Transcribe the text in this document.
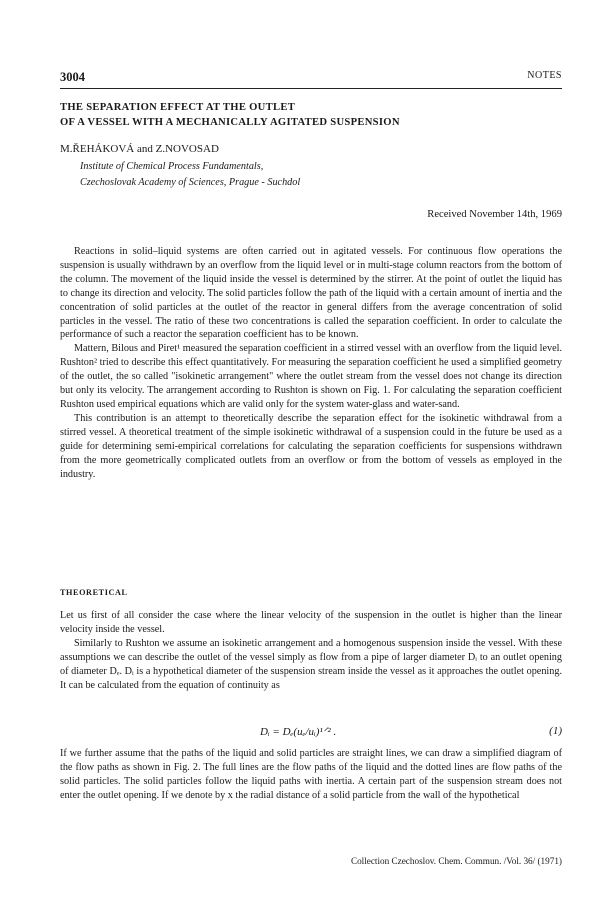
3004	NOTES
THE SEPARATION EFFECT AT THE OUTLET
OF A VESSEL WITH A MECHANICALLY AGITATED SUSPENSION
M.ŘEHÁKOVÁ and Z.NOVOSAD
Institute of Chemical Process Fundamentals,
Czechoslovak Academy of Sciences, Prague - Suchdol
Received November 14th, 1969

Reactions in solid–liquid systems are often carried out in agitated vessels. For continuous flow operations the suspension is usually withdrawn by an overflow from the liquid level or in multi-stage column reactors from the bottom of the column. The movement of the liquid inside the vessel is determined by the stirrer. At the point of outlet the liquid has to change its direction and velocity. The solid particles follow the path of the liquid with a certain amount of inertia and the concentration of solid particles at the outlet of the reactor in general differs from the average concentration of solid particles in the vessel. The ratio of these two concentrations is called the separation coefficient. In order to calculate the performance of such a reactor the separation coefficient has to be known.

Mattern, Bilous and Piret¹ measured the separation coefficient in a stirred vessel with an overflow from the liquid level. Rushton² tried to describe this effect quantitatively. For measuring the separation coefficient he used a simplified geometry of the outlet, the so called "isokinetic arrangement" where the outlet stream from the vessel does not change its direction but only its velocity. The arrangement according to Rushton is shown on Fig. 1. For calculating the separation coefficient Rushton used empirical equations which are valid only for the system water-glass and water-sand.

This contribution is an attempt to theoretically describe the separation effect for the isokinetic withdrawal from a stirred vessel. A theoretical treatment of the simple isokinetic withdrawal of a suspension could in the future be used as a guide for determining semi-empirical correlations for calculating the separation coefficients for suspensions withdrawn from the more geometrically complicated outlets from an overflow or from the bottom of vessels as employed in the industry.

THEORETICAL

Let us first of all consider the case where the linear velocity of the suspension in the outlet is higher than the linear velocity inside the vessel.

Similarly to Rushton we assume an isokinetic arrangement and a homogenous suspension inside the vessel. With these assumptions we can describe the outlet of the vessel simply as flow from a pipe of larger diameter Dᵢ to an outlet opening of diameter Dₑ. Dᵢ is a hypothetical diameter of the suspension stream inside the vessel as it approaches the outlet opening. It can be calculated from the equation of continuity as

Dᵢ = Dₑ(uₑ/uᵢ)¹ᐟ² .	(1)

If we further assume that the paths of the liquid and solid particles are straight lines, we can draw a simplified diagram of the flow paths as shown in Fig. 2. The full lines are the flow paths of the liquid and the dotted lines are flow paths of the solid particles. The solid particles follow the liquid paths with inertia. A certain part of the suspension stream does not enter the outlet opening. If we denote by x the radial distance of a solid particle from the wall of the hypothetical

Collection Czechoslov. Chem. Commun. /Vol. 36/ (1971)
